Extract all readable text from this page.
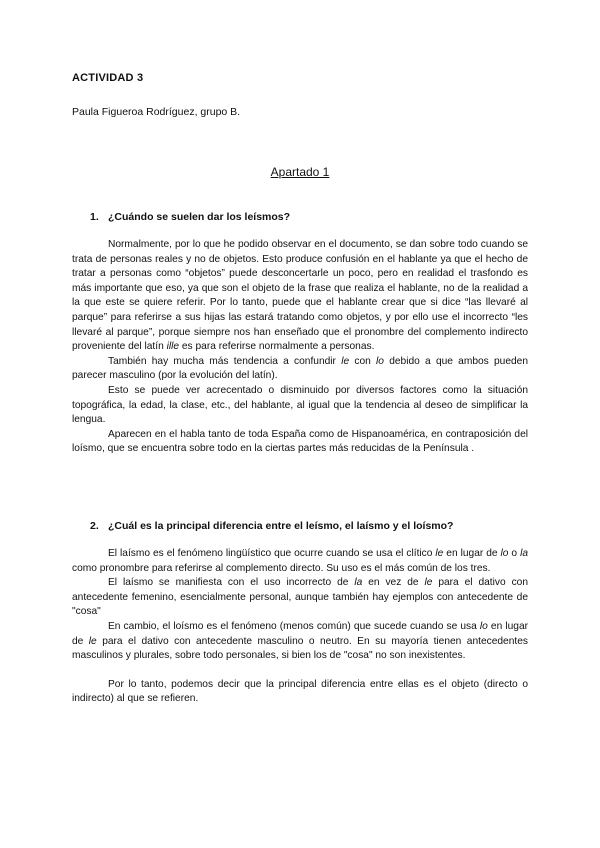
ACTIVIDAD 3
Paula Figueroa Rodríguez, grupo B.
Apartado 1
1. ¿Cuándo se suelen dar los leísmos?

Normalmente, por lo que he podido observar en el documento, se dan sobre todo cuando se trata de personas reales y no de objetos. Esto produce confusión en el hablante ya que el hecho de tratar a personas como “objetos” puede desconcertarle un poco, pero en realidad el trasfondo es más importante que eso, ya que son el objeto de la frase que realiza el hablante, no de la realidad a la que este se quiere referir. Por lo tanto, puede que el hablante crear que si dice “las llevaré al parque” para referirse a sus hijas las estará tratando como objetos, y por ello use el incorrecto “les llevaré al parque”, porque siempre nos han enseñado que el pronombre del complemento indirecto proveniente del latín ille es para referirse normalmente a personas.

También hay mucha más tendencia a confundir le con lo debido a que ambos pueden parecer masculino (por la evolución del latín).

Esto se puede ver acrecentado o disminuido por diversos factores como la situación topográfica, la edad, la clase, etc., del hablante, al igual que la tendencia al deseo de simplificar la lengua.

Aparecen en el habla tanto de toda España como de Hispanoamérica, en contraposición del loísmo, que se encuentra sobre todo en la ciertas partes más reducidas de la Península .

2. ¿Cuál es la principal diferencia entre el leísmo, el laísmo y el loísmo?

El laísmo es el fenómeno lingüístico que ocurre cuando se usa el clítico le en lugar de lo o la como pronombre para referirse al complemento directo. Su uso es el más común de los tres.

El laísmo se manifiesta con el uso incorrecto de la en vez de le para el dativo con antecedente femenino, esencialmente personal, aunque también hay ejemplos con antecedente de "cosa"

En cambio, el loísmo es el fenómeno (menos común) que sucede cuando se usa lo en lugar de le para el dativo con antecedente masculino o neutro. En su mayoría tienen antecedentes masculinos y plurales, sobre todo personales, si bien los de "cosa" no son inexistentes.

Por lo tanto, podemos decir que la principal diferencia entre ellas es el objeto (directo o indirecto) al que se refieren.
